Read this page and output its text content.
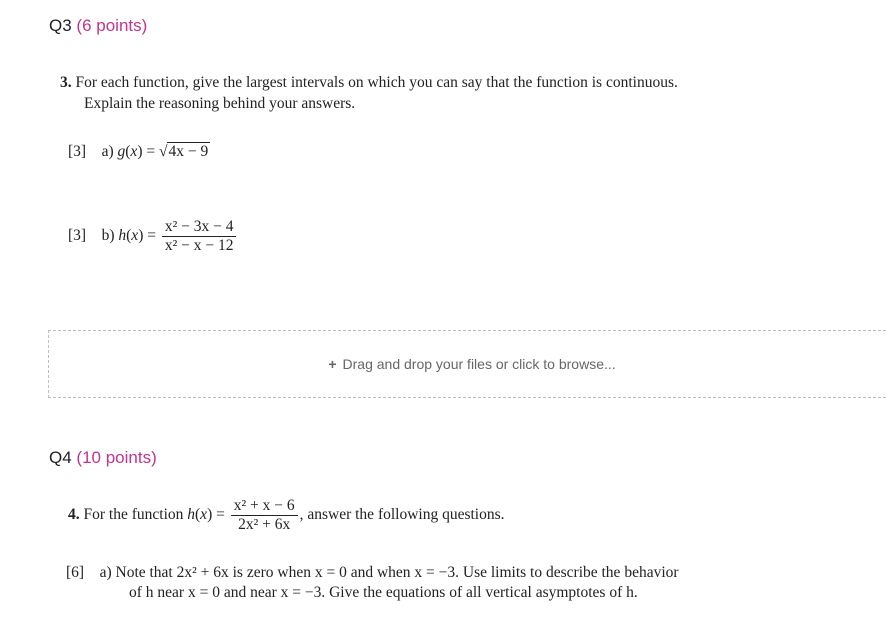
Q3 (6 points)
3. For each function, give the largest intervals on which you can say that the function is continuous.
Explain the reasoning behind your answers.
[3] a) g(x) = √4x − 9
[3] b) $h(x) = \frac{\text{x² − 3x − 4}}{\text{x² − x − 12}}$
+ Drag and drop your files or click to browse...
Q4 (10 points)
4. For the function $h(x) = \frac{\text{x² + x − 6}}{\text{2x² + 6x}}$ , answer the following questions.
[6] a) Note that 2x² + 6x is zero when x = 0 and when x = −3. Use limits to describe the behavior
of h near x = 0 and near x = −3. Give the equations of all vertical asymptotes of h.
